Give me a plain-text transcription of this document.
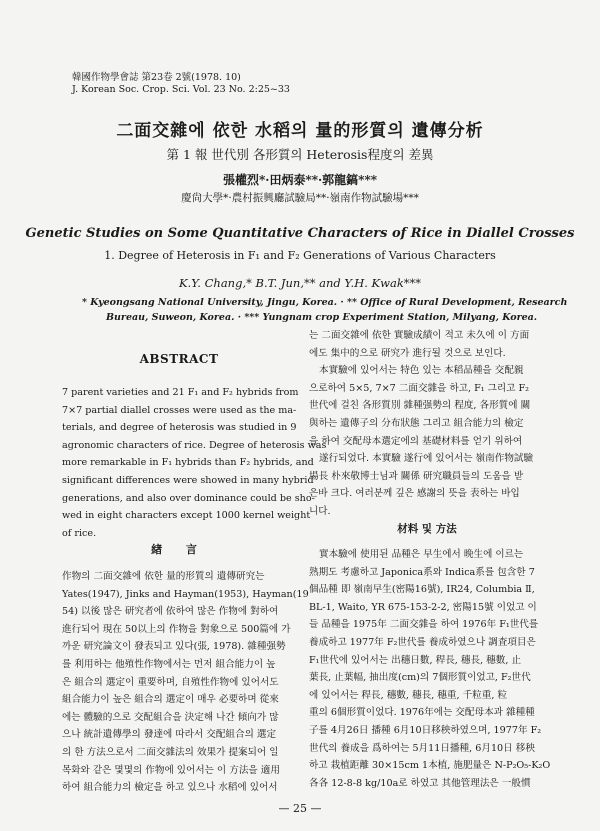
韓國作物學會誌 第23卷 2號(1978. 10)
J. Korean Soc. Crop. Sci. Vol. 23 No. 2:25~33
二面交雜에 依한 水稻의 量的形質의 遺傳分析
第 1 報 世代別 各形質의 Heterosis程度의 差異
張權烈*·田炳泰**·郭龍鎬***
慶尙大學*·農村振興廳試驗局**·嶺南作物試驗場***
Genetic Studies on Some Quantitative Characters of Rice in Diallel Crosses
1. Degree of Heterosis in F₁ and F₂ Generations of Various Characters
K.Y. Chang,* B.T. Jun,** and Y.H. Kwak***
* Kyeongsang National University, Jingu, Korea. · ** Office of Rural Development, Research
Bureau, Suweon, Korea. · *** Yungnam crop Experiment Station, Milyang, Korea.
ABSTRACT
7 parent varieties and 21 F₁ and F₂ hybrids from
7×7 partial diallel crosses were used as the ma-
terials, and degree of heterosis was studied in 9
agronomic characters of rice. Degree of heterosis was
more remarkable in F₁ hybrids than F₂ hybrids, and
significant differences were showed in many hybrid
generations, and also over dominance could be sho-
wed in eight characters except 1000 kernel weight
of rice.
緖 言
作物의 二面交雜에 依한 量的形質의 遺傳研究는
Yates(1947), Jinks and Hayman(1953), Hayman(19
54) 以後 많은 研究者에 依하여 많은 作物에 對하여
進行되어 現在 50以上의 作物을 對象으로 500篇에 가
까운 研究論文이 發表되고 있다(張, 1978). 雜種强勢
를 利用하는 他殖性作物에서는 먼저 組合能力이 높
은 組合의 選定이 重要하며, 自殖性作物에 있어서도
組合能力이 높은 組合의 選定이 매우 必要하며 從來
에는 體驗的으로 交配組合을 決定해 나간 傾向가 많
으나 統計遺傳學의 發達에 따라서 交配組合의 選定
의 한 方法으로서 二面交雜法의 效果가 提案되어 일
목화와 같은 몇몇의 作物에 있어서는 이 方法을 適用
하여 組合能力의 檢定을 하고 있으나 水稻에 있어서
는 二面交雜에 依한 實驗成績이 적고 未久에 이 方面
에도 集中的으로 研究가 進行될 것으로 보인다.
本實驗에 있어서는 特色 있는 本稻品種을 交配親
으로하여 5×5, 7×7 二面交雜을 하고, F₁ 그리고 F₂
世代에 걸친 各形質別 雜種强勢의 程度, 各形質에 關
與하는 遺傳子의 分布狀態 그리고 組合能力의 檢定
을 하여 交配母本選定에의 基礎材料를 얻기 위하여
遂行되었다. 本實驗 遂行에 있어서는 嶺南作物試驗
場長 朴來敬博士님과 關係 研究職員들의 도움을 받
은바 크다. 여러분께 깊은 感謝의 뜻을 表하는 바입
니다.
材料 및 方法
實本驗에 使用된 品種은 早生에서 晩生에 이르는
熟期도 考慮하고 Japonica系와 Indica系를 包含한 7
個品種 即 嶺南早生(密陽16號), IR24, Columbia Ⅱ,
BL-1, Waito, YR 675-153-2-2, 密陽15號 이었고 이
들 品種을 1975年 二面交雜을 하여 1976年 F₁世代를
養成하고 1977年 F₂世代를 養成하였으나 調査項目은
F₁世代에 있어서는 出穗日數, 稈長, 穗長, 穗數, 止
葉長, 止葉幅, 抽出度(cm)의 7個形質이었고, F₂世代
에 있어서는 稈長, 穗數, 穗長, 穗重, 千粒重, 粒
重의 6個形質이었다. 1976年에는 交配母本과 雜種種
子를 4月26日 播種 6月10日移秧하였으며, 1977年 F₂
世代의 養成을 爲하여는 5月11日播種, 6月10日 移秧
하고 栽植距離 30×15cm 1本植, 施肥量은 N-P₂O₅-K₂O
各各 12-8-8 kg/10a로 하였고 其他管理法은 一般慣
— 25 —
